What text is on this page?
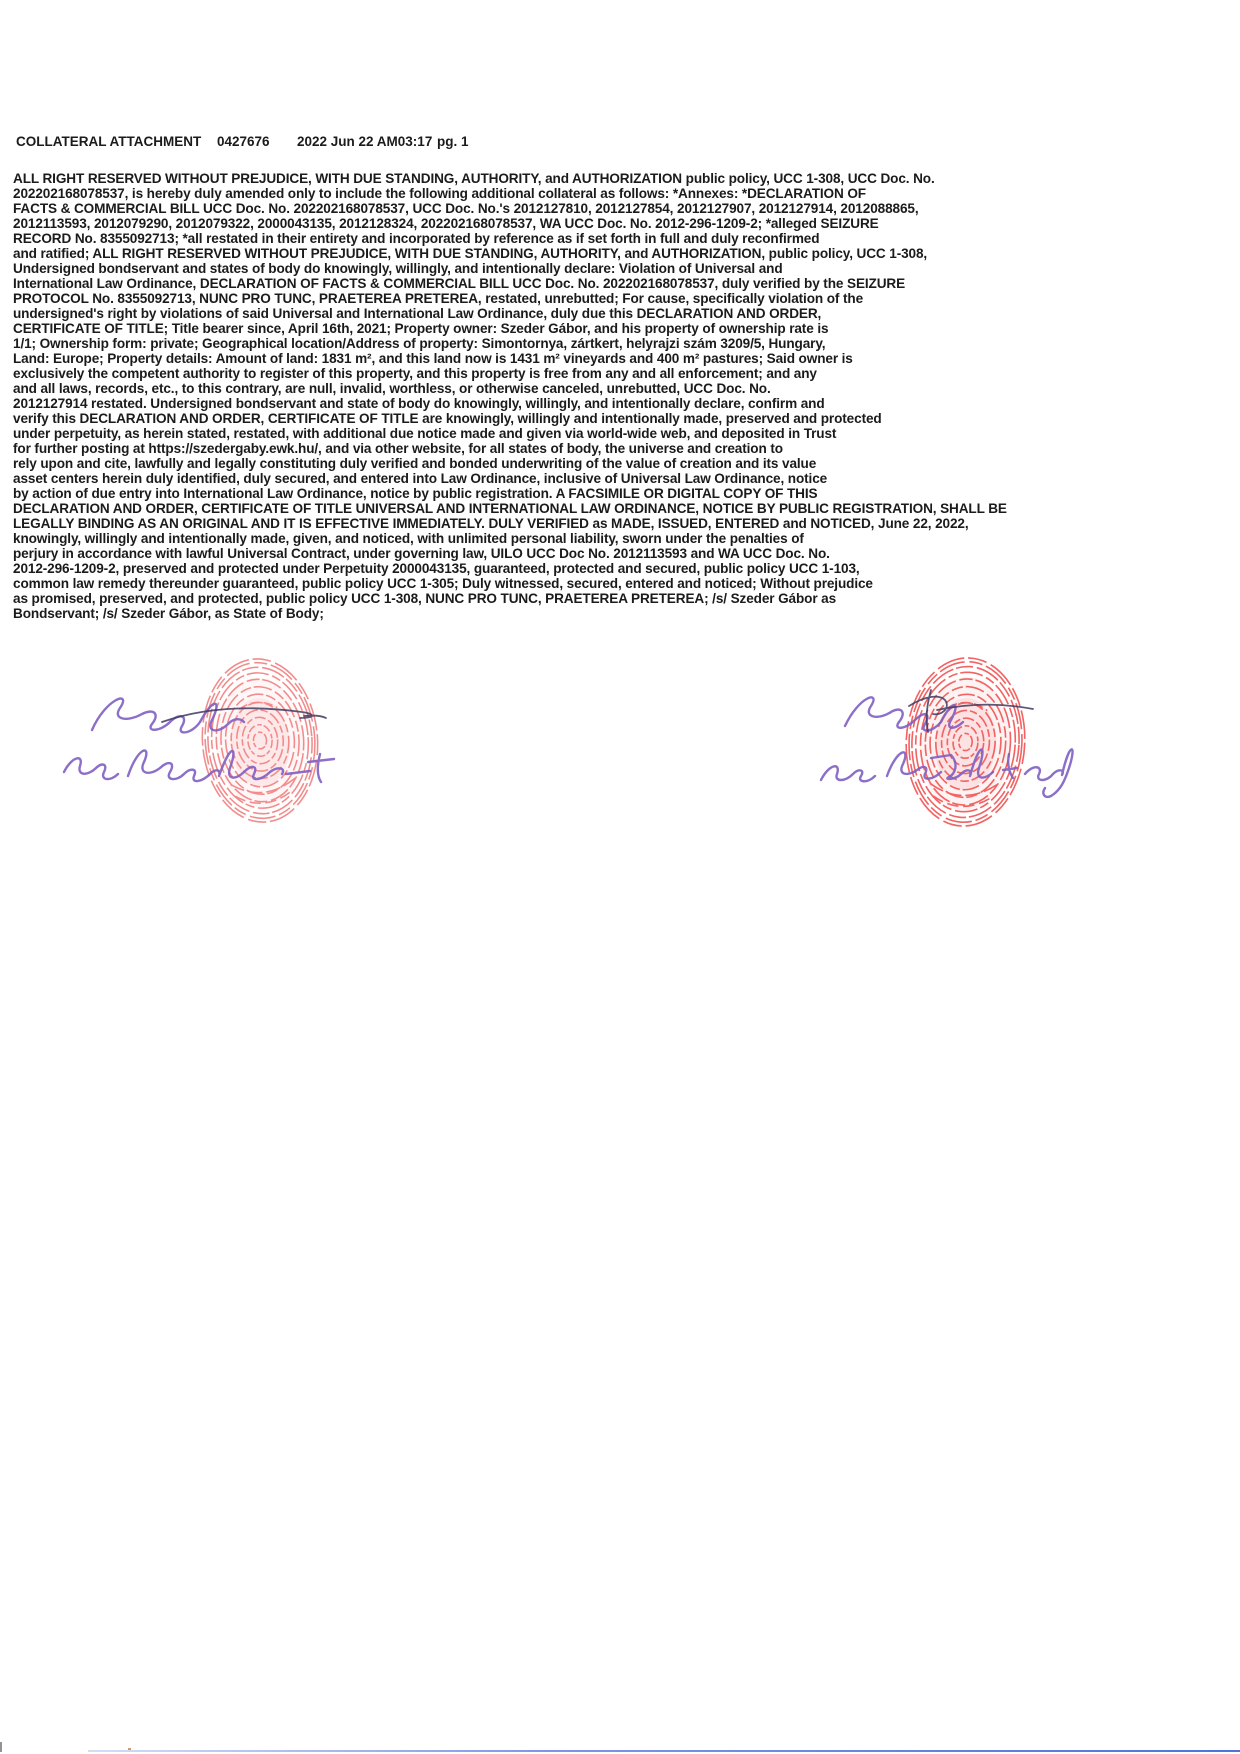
COLLATERAL ATTACHMENT 0427676 2022 Jun 22 AM03:17 pg. 1
ALL RIGHT RESERVED WITHOUT PREJUDICE, WITH DUE STANDING, AUTHORITY, and AUTHORIZATION public policy, UCC 1-308, UCC Doc. No.
202202168078537, is hereby duly amended only to include the following additional collateral as follows: *Annexes: *DECLARATION OF
FACTS & COMMERCIAL BILL UCC Doc. No. 202202168078537, UCC Doc. No.'s 2012127810, 2012127854, 2012127907, 2012127914, 2012088865,
2012113593, 2012079290, 2012079322, 2000043135, 2012128324, 202202168078537, WA UCC Doc. No. 2012-296-1209-2; *alleged SEIZURE
RECORD No. 8355092713; *all restated in their entirety and incorporated by reference as if set forth in full and duly reconfirmed
and ratified; ALL RIGHT RESERVED WITHOUT PREJUDICE, WITH DUE STANDING, AUTHORITY, and AUTHORIZATION, public policy, UCC 1-308,
Undersigned bondservant and states of body do knowingly, willingly, and intentionally declare: Violation of Universal and
International Law Ordinance, DECLARATION OF FACTS & COMMERCIAL BILL UCC Doc. No. 202202168078537, duly verified by the SEIZURE
PROTOCOL No. 8355092713, NUNC PRO TUNC, PRAETEREA PRETEREA, restated, unrebutted; For cause, specifically violation of the
undersigned's right by violations of said Universal and International Law Ordinance, duly due this DECLARATION AND ORDER,
CERTIFICATE OF TITLE; Title bearer since, April 16th, 2021; Property owner: Szeder Gábor, and his property of ownership rate is
1/1; Ownership form: private; Geographical location/Address of property: Simontornya, zártkert, helyrajzi szám 3209/5, Hungary,
Land: Europe; Property details: Amount of land: 1831 m², and this land now is 1431 m² vineyards and 400 m² pastures; Said owner is
exclusively the competent authority to register of this property, and this property is free from any and all enforcement; and any
and all laws, records, etc., to this contrary, are null, invalid, worthless, or otherwise canceled, unrebutted, UCC Doc. No.
2012127914 restated. Undersigned bondservant and state of body do knowingly, willingly, and intentionally declare, confirm and
verify this DECLARATION AND ORDER, CERTIFICATE OF TITLE are knowingly, willingly and intentionally made, preserved and protected
under perpetuity, as herein stated, restated, with additional due notice made and given via world-wide web, and deposited in Trust
for further posting at https://szedergaby.ewk.hu/, and via other website, for all states of body, the universe and creation to
rely upon and cite, lawfully and legally constituting duly verified and bonded underwriting of the value of creation and its value
asset centers herein duly identified, duly secured, and entered into Law Ordinance, inclusive of Universal Law Ordinance, notice
by action of due entry into International Law Ordinance, notice by public registration. A FACSIMILE OR DIGITAL COPY OF THIS
DECLARATION AND ORDER, CERTIFICATE OF TITLE UNIVERSAL AND INTERNATIONAL LAW ORDINANCE, NOTICE BY PUBLIC REGISTRATION, SHALL BE
LEGALLY BINDING AS AN ORIGINAL AND IT IS EFFECTIVE IMMEDIATELY. DULY VERIFIED as MADE, ISSUED, ENTERED and NOTICED, June 22, 2022,
knowingly, willingly and intentionally made, given, and noticed, with unlimited personal liability, sworn under the penalties of
perjury in accordance with lawful Universal Contract, under governing law, UILO UCC Doc No. 2012113593 and WA UCC Doc. No.
2012-296-1209-2, preserved and protected under Perpetuity 2000043135, guaranteed, protected and secured, public policy UCC 1-103,
common law remedy thereunder guaranteed, public policy UCC 1-305; Duly witnessed, secured, entered and noticed; Without prejudice
as promised, preserved, and protected, public policy UCC 1-308, NUNC PRO TUNC, PRAETEREA PRETEREA; /s/ Szeder Gábor as
Bondservant; /s/ Szeder Gábor, as State of Body;
